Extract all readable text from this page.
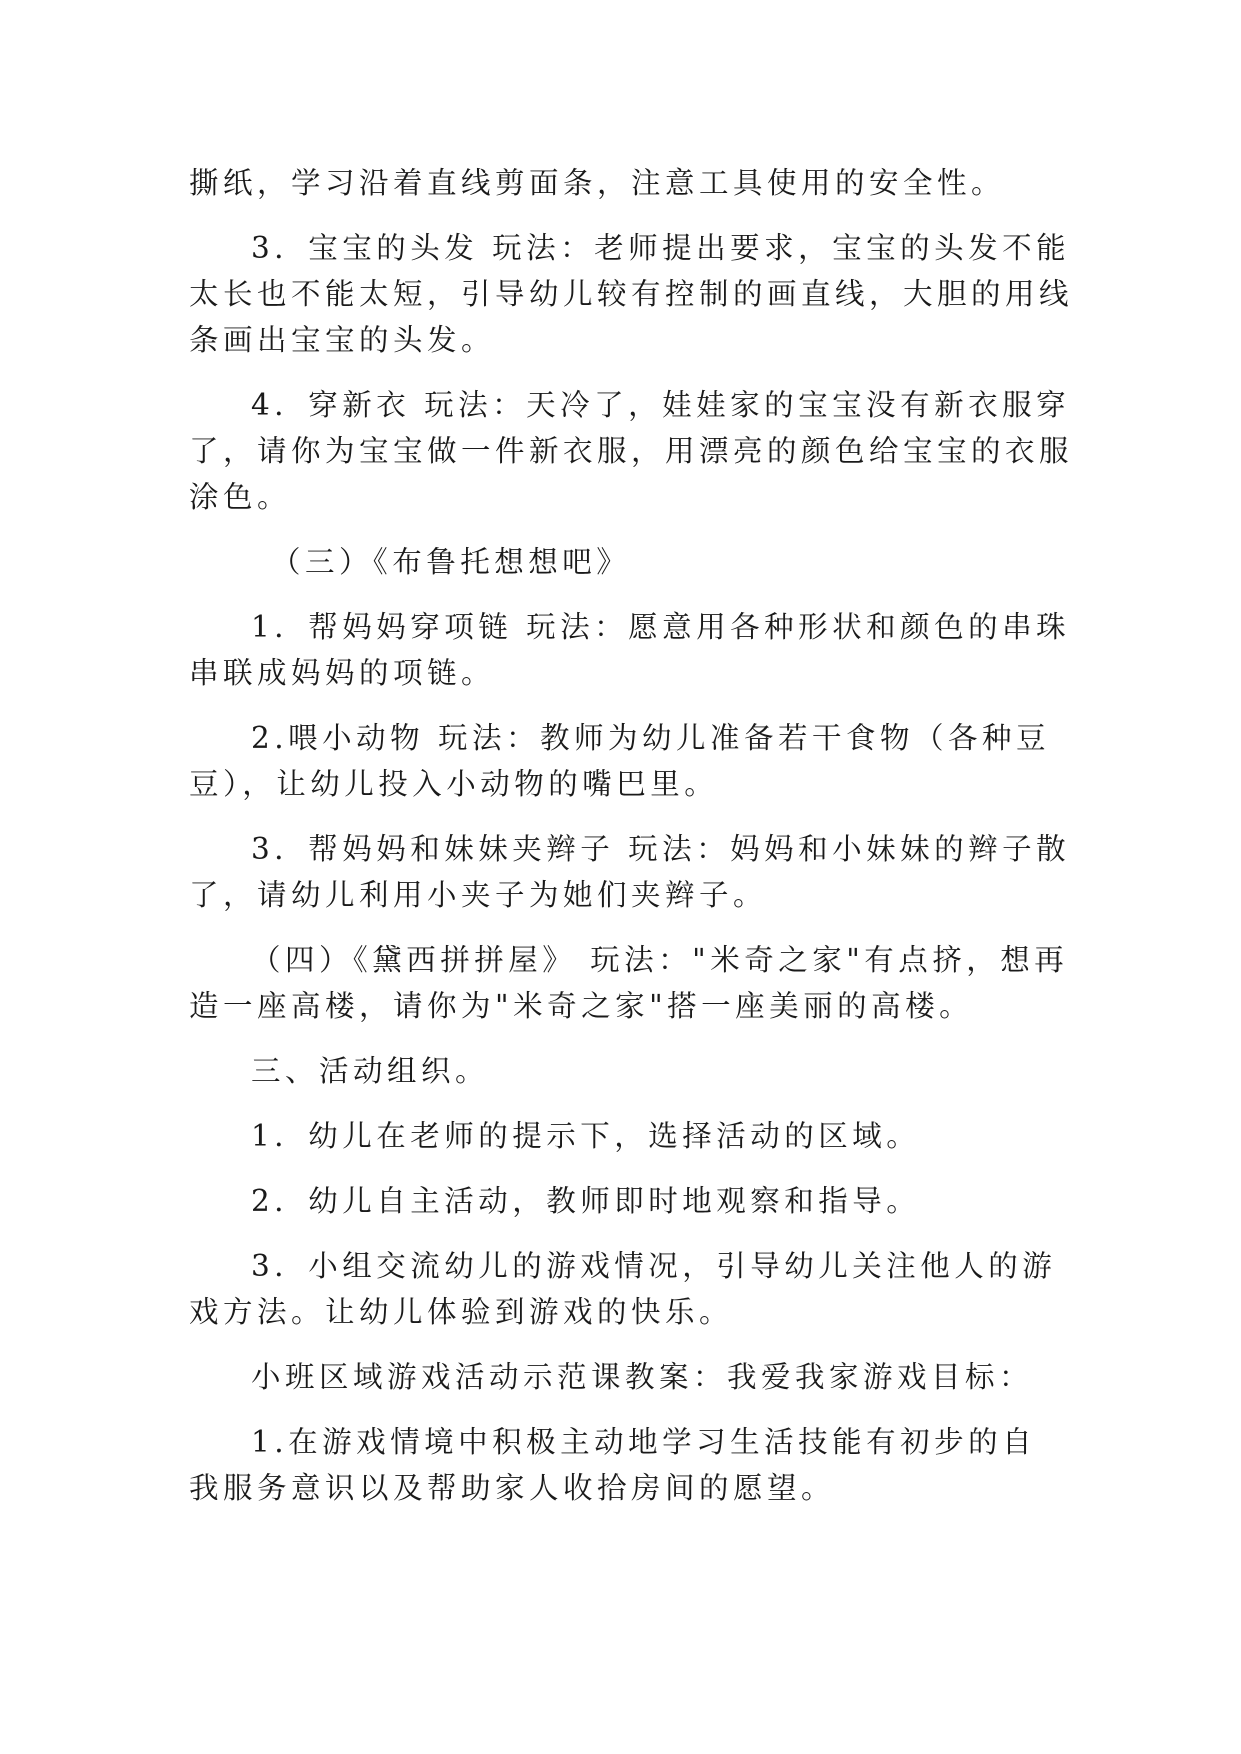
撕纸，学习沿着直线剪面条，注意工具使用的安全性。
3．宝宝的头发 玩法：老师提出要求，宝宝的头发不能
太长也不能太短，引导幼儿较有控制的画直线，大胆的用线
条画出宝宝的头发。
4．穿新衣 玩法：天冷了，娃娃家的宝宝没有新衣服穿
了，请你为宝宝做一件新衣服，用漂亮的颜色给宝宝的衣服
涂色。
（三）《布鲁托想想吧》
1．帮妈妈穿项链 玩法：愿意用各种形状和颜色的串珠
串联成妈妈的项链。
2.喂小动物 玩法：教师为幼儿准备若干食物（各种豆
豆），让幼儿投入小动物的嘴巴里。
3．帮妈妈和妹妹夹辫子 玩法：妈妈和小妹妹的辫子散
了，请幼儿利用小夹子为她们夹辫子。
（四）《黛西拼拼屋》 玩法："米奇之家"有点挤，想再
造一座高楼，请你为"米奇之家"搭一座美丽的高楼。
三、活动组织。
1．幼儿在老师的提示下，选择活动的区域。
2．幼儿自主活动，教师即时地观察和指导。
3．小组交流幼儿的游戏情况，引导幼儿关注他人的游
戏方法。让幼儿体验到游戏的快乐。
小班区域游戏活动示范课教案：我爱我家游戏目标：
1.在游戏情境中积极主动地学习生活技能有初步的自
我服务意识以及帮助家人收拾房间的愿望。
